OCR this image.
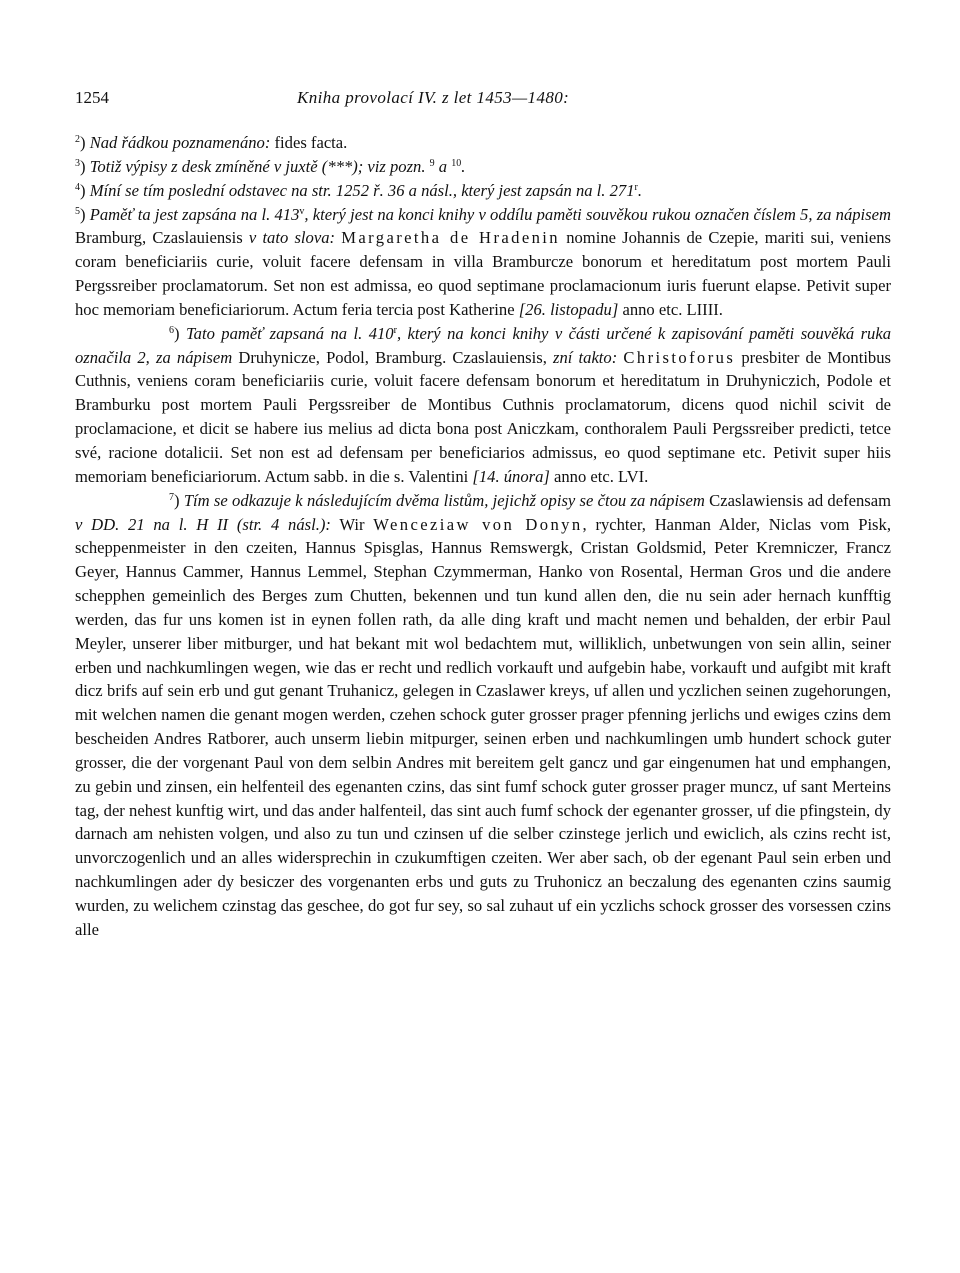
1254	Kniha provolací IV. z let 1453—1480:

$^2$) Nad řádkou poznamenáno: fides facta.

$^3$) Totiž výpisy z desk zmíněné v juxtě (***); viz pozn. $^9$ a $^{10}$.

$^4$) Míní se tím poslední odstavec na str. 1252 ř. 36 a násl., který jest zapsán na l. 271$^r$.

$^5$) Paměť ta jest zapsána na l. 413$^v$, který jest na konci knihy v oddílu paměti souvěkou rukou označen číslem 5, za nápisem Bramburg, Czaslauiensis v tato slova: Margaretha de Hradenin nomine Johannis de Czepie, mariti sui, veniens coram beneficiariis curie, voluit facere defensam in villa Bramburcze bonorum et hereditatum post mortem Pauli Pergssreiber proclamatorum. Set non est admissa, eo quod septimane proclamacionum iuris fuerunt elapse. Petivit super hoc memoriam beneficiariorum. Actum feria tercia post Katherine [26. listopadu] anno etc. LIIII.

$^6$) Tato paměť zapsaná na l. 410$^r$, který na konci knihy v části určené k zapisování paměti souvěká ruka označila 2, za nápisem Druhynicze, Podol, Bramburg. Czaslauiensis, zní takto: Christoforus presbiter de Montibus Cuthnis, veniens coram beneficiariis curie, voluit facere defensam bonorum et hereditatum in Druhyniczich, Podole et Bramburku post mortem Pauli Pergssreiber de Montibus Cuthnis proclamatorum, dicens quod nichil scivit de proclamacione, et dicit se habere ius melius ad dicta bona post Aniczkam, conthoralem Pauli Pergssreiber predicti, tetce své, racione dotalicii. Set non est ad defensam per beneficiarios admissus, eo quod septimane etc. Petivit super hiis memoriam beneficiariorum. Actum sabb. in die s. Valentini [14. února] anno etc. LVI.

$^7$) Tím se odkazuje k následujícím dvěma listům, jejichž opisy se čtou za nápisem Czaslawiensis ad defensam v DD. 21 na l. H II (str. 4 násl.): Wir Wenceziaw von Donyn, rychter, Hanman Alder, Niclas vom Pisk, scheppenmeister in den czeiten, Hannus Spisglas, Hannus Remswergk, Cristan Goldsmid, Peter Kremniczer, Francz Geyer, Hannus Cammer, Hannus Lemmel, Stephan Czymmerman, Hanko von Rosental, Herman Gros und die andere schepphen gemeinlich des Berges zum Chutten, bekennen und tun kund allen den, die nu sein ader hernach kunfftig werden, das fur uns komen ist in eynen follen rath, da alle ding kraft und macht nemen und behalden, der erbir Paul Meyler, unserer liber mitburger, und hat bekant mit wol bedachtem mut, williklich, unbetwungen von sein allin, seiner erben und nachkumlingen wegen, wie das er recht und redlich vorkauft und aufgebin habe, vorkauft und aufgibt mit kraft dicz brifs auf sein erb und gut genant Truhanicz, gelegen in Czaslawer kreys, uf allen und yczlichen seinen zugehorungen, mit welchen namen die genant mogen werden, czehen schock guter grosser prager pfenning jerlichs und ewiges czins dem bescheiden Andres Ratborer, auch unserm liebin mitpurger, seinen erben und nachkumlingen umb hundert schock guter grosser, die der vorgenant Paul von dem selbin Andres mit bereitem gelt gancz und gar eingenumen hat und emphangen, zu gebin und zinsen, ein helfenteil des egenanten czins, das sint fumf schock guter grosser prager muncz, uf sant Merteins tag, der nehest kunftig wirt, und das ander halfenteil, das sint auch fumf schock der egenanter grosser, uf die pfingstein, dy darnach am nehisten volgen, und also zu tun und czinsen uf die selber czinstege jerlich und ewiclich, als czins recht ist, unvorczogenlich und an alles widersprechin in czukumftigen czeiten. Wer aber sach, ob der egenant Paul sein erben und nachkumlingen ader dy besiczer des vorgenanten erbs und guts zu Truhonicz an beczalung des egenanten czins saumig wurden, zu welichem czinstag das geschee, do got fur sey, so sal zuhaut uf ein yczlichs schock grosser des vorsessen czins alle
